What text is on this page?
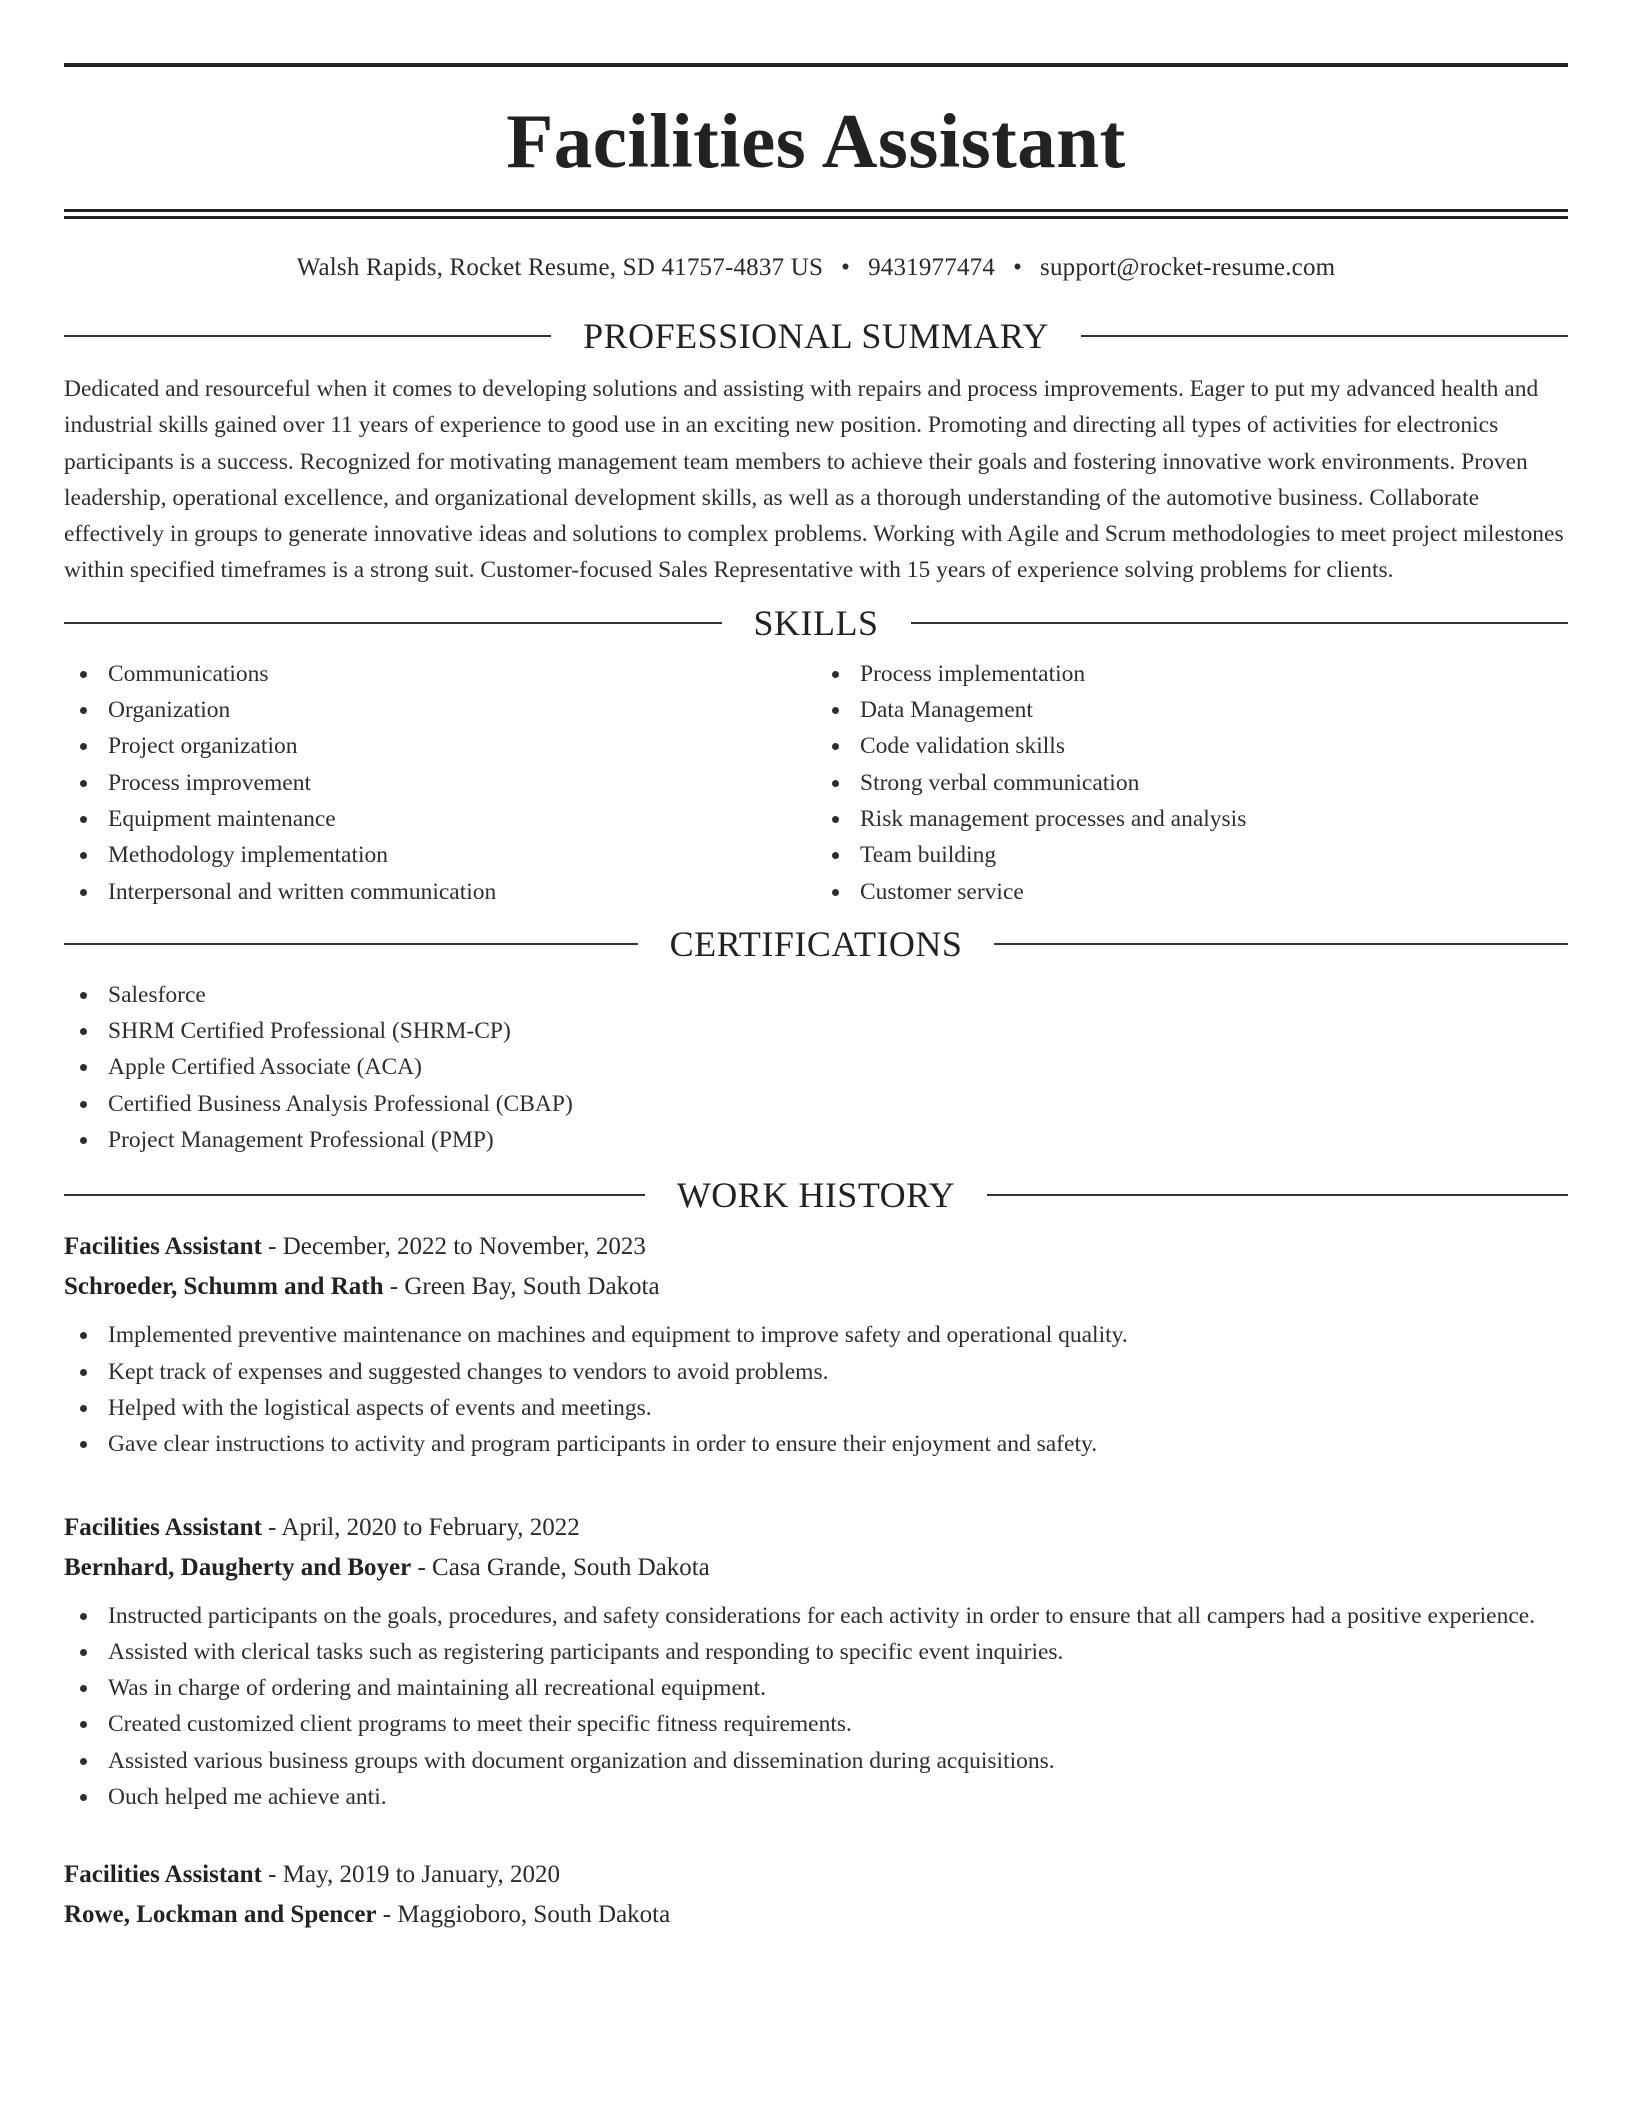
Facilities Assistant
Walsh Rapids, Rocket Resume, SD 41757-4837 US • 9431977474 • support@rocket-resume.com
PROFESSIONAL SUMMARY

Dedicated and resourceful when it comes to developing solutions and assisting with repairs and process improvements. Eager to put my advanced health and industrial skills gained over 11 years of experience to good use in an exciting new position. Promoting and directing all types of activities for electronics participants is a success. Recognized for motivating management team members to achieve their goals and fostering innovative work environments. Proven leadership, operational excellence, and organizational development skills, as well as a thorough understanding of the automotive business. Collaborate effectively in groups to generate innovative ideas and solutions to complex problems. Working with Agile and Scrum methodologies to meet project milestones within specified timeframes is a strong suit. Customer-focused Sales Representative with 15 years of experience solving problems for clients.

SKILLS
Communications
Organization
Project organization
Process improvement
Equipment maintenance
Methodology implementation
Interpersonal and written communication
Process implementation
Data Management
Code validation skills
Strong verbal communication
Risk management processes and analysis
Team building
Customer service
CERTIFICATIONS
Salesforce
SHRM Certified Professional (SHRM-CP)
Apple Certified Associate (ACA)
Certified Business Analysis Professional (CBAP)
Project Management Professional (PMP)
WORK HISTORY
Facilities Assistant - December, 2022 to November, 2023
Schroeder, Schumm and Rath - Green Bay, South Dakota
Implemented preventive maintenance on machines and equipment to improve safety and operational quality.
Kept track of expenses and suggested changes to vendors to avoid problems.
Helped with the logistical aspects of events and meetings.
Gave clear instructions to activity and program participants in order to ensure their enjoyment and safety.
Facilities Assistant - April, 2020 to February, 2022
Bernhard, Daugherty and Boyer - Casa Grande, South Dakota
Instructed participants on the goals, procedures, and safety considerations for each activity in order to ensure that all campers had a positive experience.
Assisted with clerical tasks such as registering participants and responding to specific event inquiries.
Was in charge of ordering and maintaining all recreational equipment.
Created customized client programs to meet their specific fitness requirements.
Assisted various business groups with document organization and dissemination during acquisitions.
Ouch helped me achieve anti.
Facilities Assistant - May, 2019 to January, 2020
Rowe, Lockman and Spencer - Maggioboro, South Dakota
